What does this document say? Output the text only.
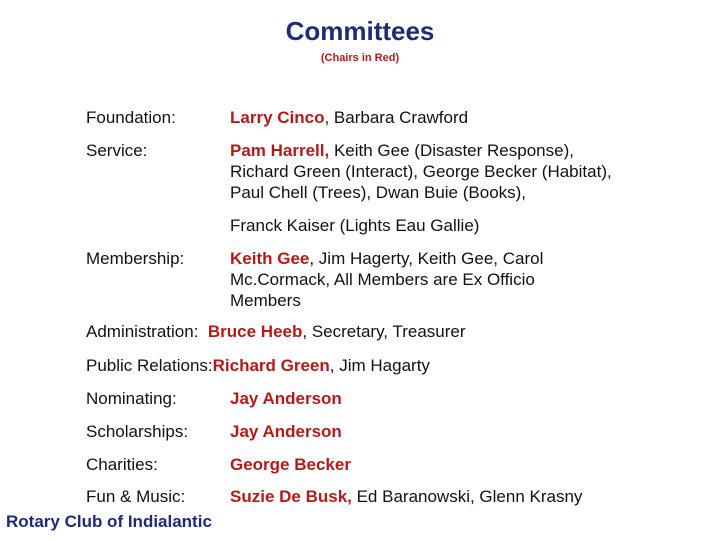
Committees
(Chairs in Red)
Foundation:	Larry Cinco, Barbara Crawford
Service:	Pam Harrell, Keith Gee (Disaster Response), Richard Green (Interact), George Becker (Habitat), Paul Chell (Trees), Dwan Buie (Books),
Franck Kaiser (Lights Eau Gallie)
Membership:	Keith Gee, Jim Hagerty, Keith Gee, Carol Mc.Cormack, All Members are Ex Officio Members
Administration: Bruce Heeb, Secretary, Treasurer
Public Relations:Richard Green, Jim Hagarty
Nominating:	Jay Anderson
Scholarships: Jay Anderson
Charities:	George Becker
Fun & Music:	Suzie De Busk, Ed Baranowski, Glenn Krasny
Rotary Club of Indialantic
